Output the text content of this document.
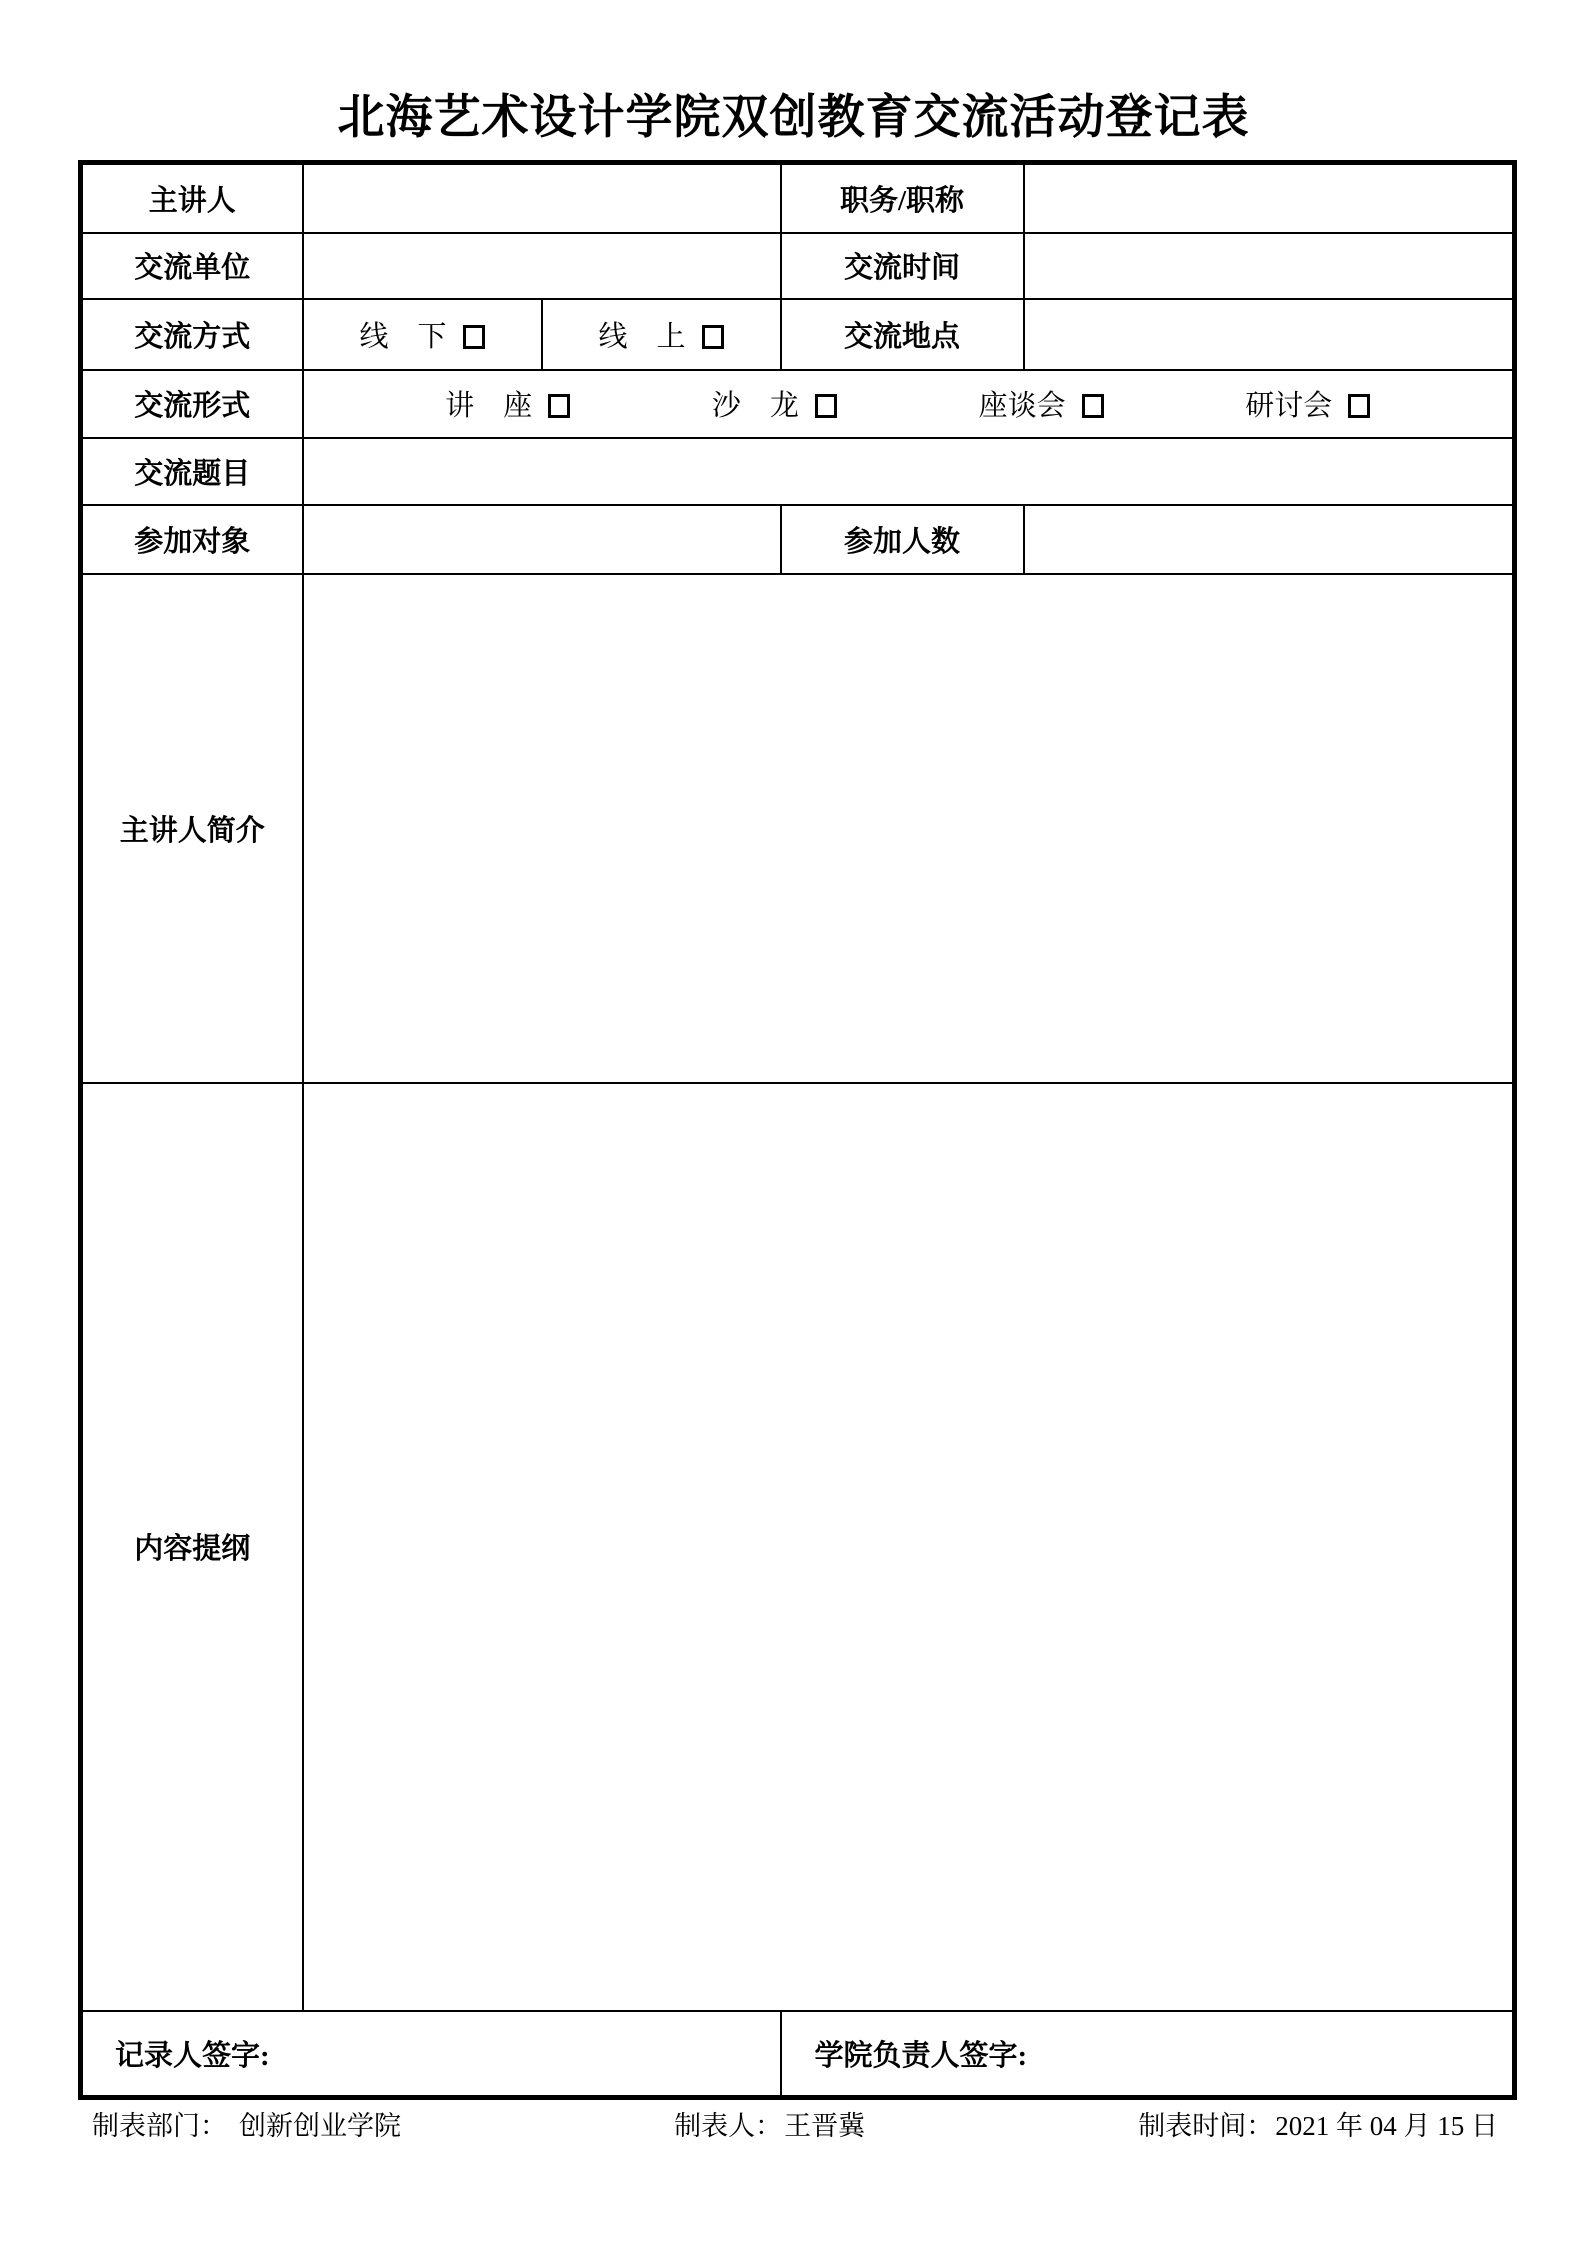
北海艺术设计学院双创教育交流活动登记表
主讲人			职务/职称	
交流单位			交流时间	
交流方式	线　下	线　上	交流地点	
交流形式	讲　座 沙　龙 座谈会 研讨会			

交流题目				
参加对象			参加人数	
主讲人简介				
内容提纲				
记录人签字:			学院负责人签字:	
制表部门： 创新创业学院	制表人：王晋冀	制表时间：2021 年 04 月 15 日
